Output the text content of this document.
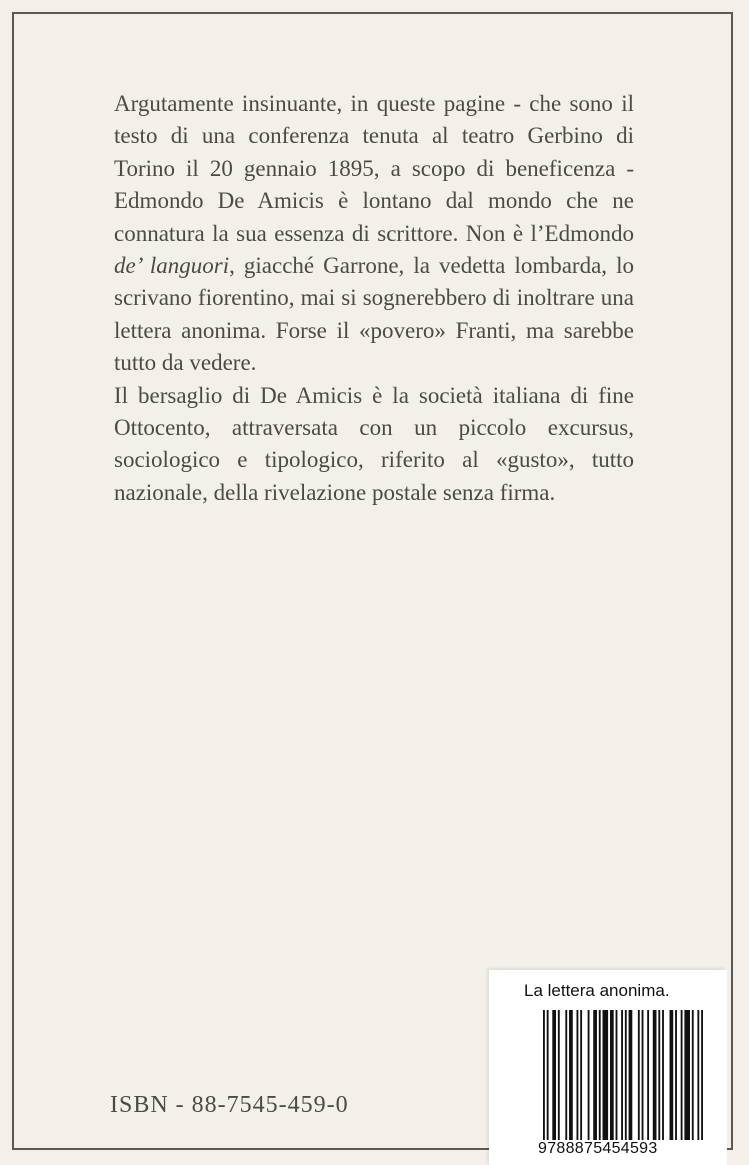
Argutamente insinuante, in queste pagine - che sono il testo di una conferenza tenuta al teatro Gerbino di Torino il 20 gennaio 1895, a scopo di beneficenza - Edmondo De Amicis è lontano dal mondo che ne connatura la sua essenza di scrittore. Non è l’Edmondo de’ languori, giacché Garrone, la vedetta lombarda, lo scrivano fiorentino, mai si sognerebbero di inoltrare una lettera anonima. Forse il «povero» Franti, ma sarebbe tutto da vedere.

Il bersaglio di De Amicis è la società italiana di fine Ottocento, attraversata con un piccolo excursus, sociologico e tipologico, riferito al «gusto», tutto nazionale, della rivelazione postale senza firma.

ISBN - 88-7545-459-0
La lettera anonima.
9788875454593
